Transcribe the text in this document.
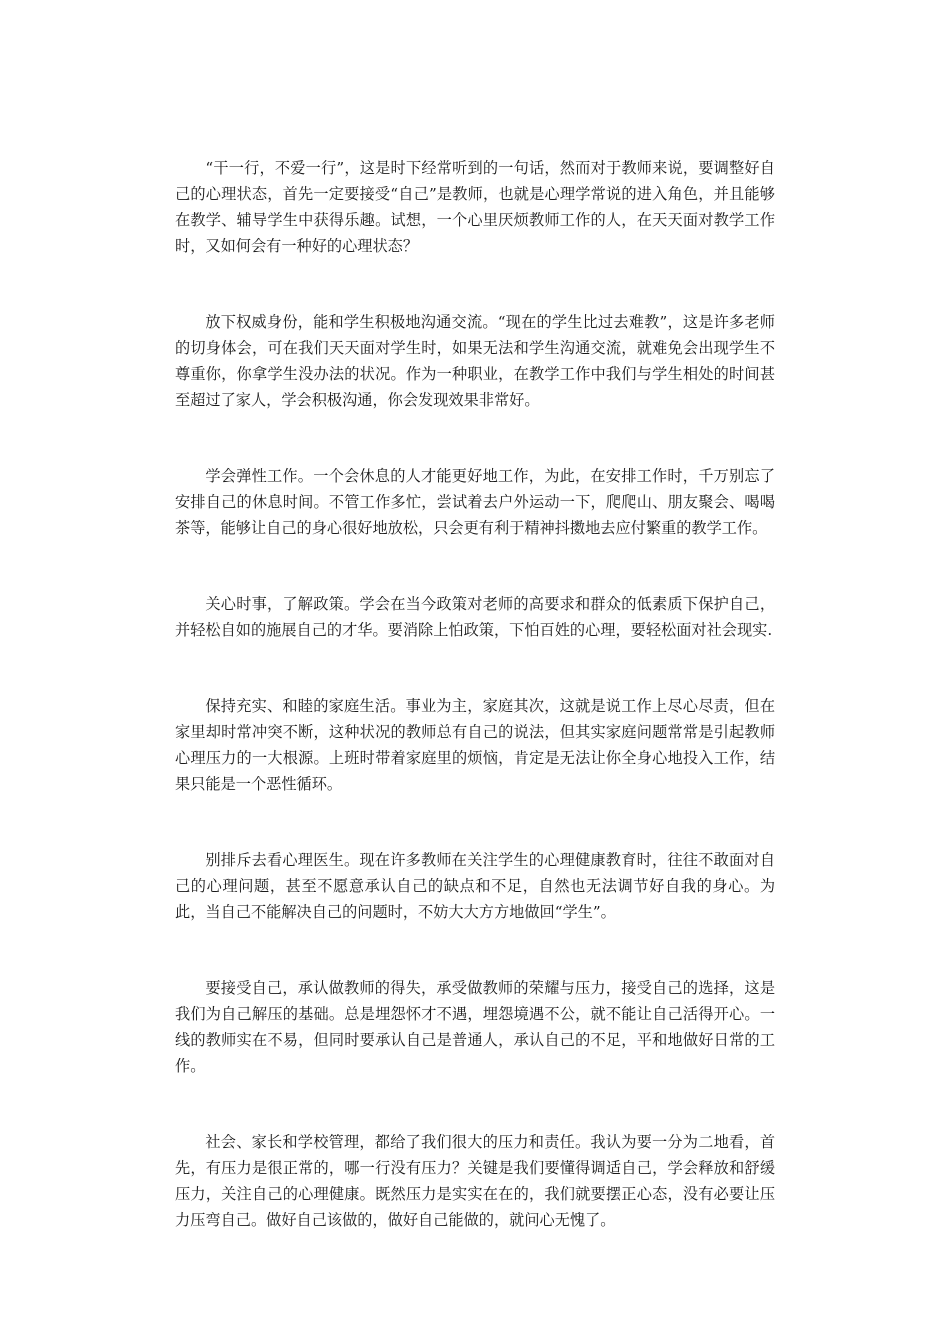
“干一行，不爱一行”，这是时下经常听到的一句话，然而对于教师来说，要调整好自己的心理状态，首先一定要接受“自己”是教师，也就是心理学常说的进入角色，并且能够在教学、辅导学生中获得乐趣。试想，一个心里厌烦教师工作的人，在天天面对教学工作时，又如何会有一种好的心理状态？

放下权威身份，能和学生积极地沟通交流。“现在的学生比过去难教”，这是许多老师的切身体会，可在我们天天面对学生时，如果无法和学生沟通交流，就难免会出现学生不尊重你，你拿学生没办法的状况。作为一种职业，在教学工作中我们与学生相处的时间甚至超过了家人，学会积极沟通，你会发现效果非常好。

学会弹性工作。一个会休息的人才能更好地工作，为此，在安排工作时，千万别忘了安排自己的休息时间。不管工作多忙，尝试着去户外运动一下，爬爬山、朋友聚会、喝喝茶等，能够让自己的身心很好地放松，只会更有利于精神抖擞地去应付繁重的教学工作。

关心时事，了解政策。学会在当今政策对老师的高要求和群众的低素质下保护自己，并轻松自如的施展自己的才华。要消除上怕政策，下怕百姓的心理，要轻松面对社会现实.

保持充实、和睦的家庭生活。事业为主，家庭其次，这就是说工作上尽心尽责，但在家里却时常冲突不断，这种状况的教师总有自己的说法，但其实家庭问题常常是引起教师心理压力的一大根源。上班时带着家庭里的烦恼，肯定是无法让你全身心地投入工作，结果只能是一个恶性循环。

别排斥去看心理医生。现在许多教师在关注学生的心理健康教育时，往往不敢面对自己的心理问题，甚至不愿意承认自己的缺点和不足，自然也无法调节好自我的身心。为此，当自己不能解决自己的问题时，不妨大大方方地做回“学生”。

要接受自己，承认做教师的得失，承受做教师的荣耀与压力，接受自己的选择，这是我们为自己解压的基础。总是埋怨怀才不遇，埋怨境遇不公，就不能让自己活得开心。一线的教师实在不易，但同时要承认自己是普通人，承认自己的不足，平和地做好日常的工作。

社会、家长和学校管理，都给了我们很大的压力和责任。我认为要一分为二地看，首先，有压力是很正常的，哪一行没有压力？关键是我们要懂得调适自己，学会释放和舒缓压力，关注自己的心理健康。既然压力是实实在在的，我们就要摆正心态，没有必要让压力压弯自己。做好自己该做的，做好自己能做的，就问心无愧了。
